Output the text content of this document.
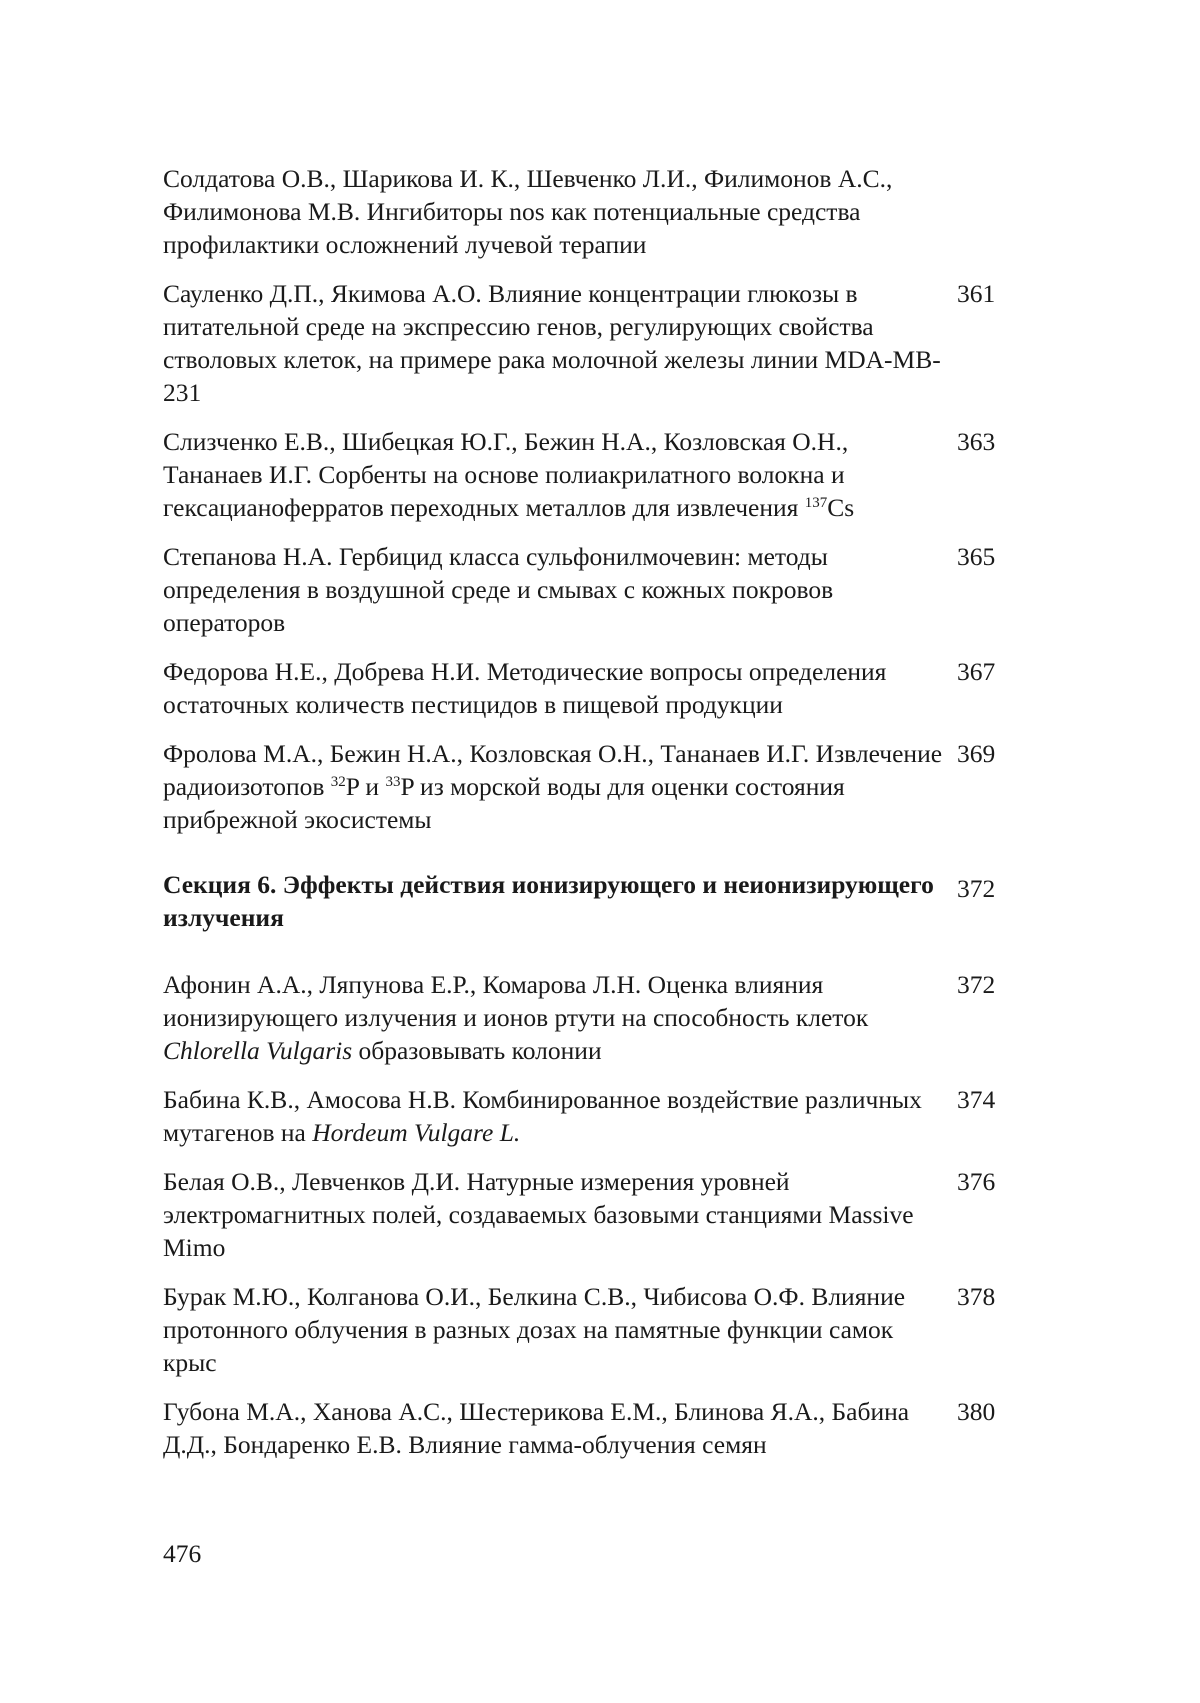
Солдатова О.В., Шарикова И. К., Шевченко Л.И., Филимонов А.С., Филимонова М.В. Ингибиторы nos как потенциальные средства профилактики осложнений лучевой терапии
Сауленко Д.П., Якимова А.О. Влияние концентрации глюкозы в питательной среде на экспрессию генов, регулирующих свойства стволовых клеток, на примере рака молочной железы линии MDA-MB-231
361
Слизченко Е.В., Шибецкая Ю.Г., Бежин Н.А., Козловская О.Н., Тананаев И.Г. Сорбенты на основе полиакрилатного волокна и гексацианоферратов переходных металлов для извлечения $^{137}$Cs
363
Степанова Н.А. Гербицид класса сульфонилмочевин: методы определения в воздушной среде и смывах с кожных покровов операторов
365
Федорова Н.Е., Добрева Н.И. Методические вопросы определения остаточных количеств пестицидов в пищевой продукции
367
Фролова М.А., Бежин Н.А., Козловская О.Н., Тананаев И.Г. Извлечение радиоизотопов $^{32}$P и $^{33}$P из морской воды для оценки состояния прибрежной экосистемы
369
Секция 6. Эффекты действия ионизирующего и неионизирующего излучения
372
Афонин А.А., Ляпунова Е.Р., Комарова Л.Н. Оценка влияния ионизирующего излучения и ионов ртути на способность клеток Chlorella Vulgaris образовывать колонии
372
Бабина К.В., Амосова Н.В. Комбинированное воздействие различных мутагенов на Hordeum Vulgare L.
374
Белая О.В., Левченков Д.И. Натурные измерения уровней электромагнитных полей, создаваемых базовыми станциями Massive Mimo
376
Бурак М.Ю., Колганова О.И., Белкина С.В., Чибисова О.Ф. Влияние протонного облучения в разных дозах на памятные функции самок крыс
378
Губона М.А., Ханова А.С., Шестерикова Е.М., Блинова Я.А., Бабина Д.Д., Бондаренко Е.В. Влияние гамма-облучения семян
380
476
